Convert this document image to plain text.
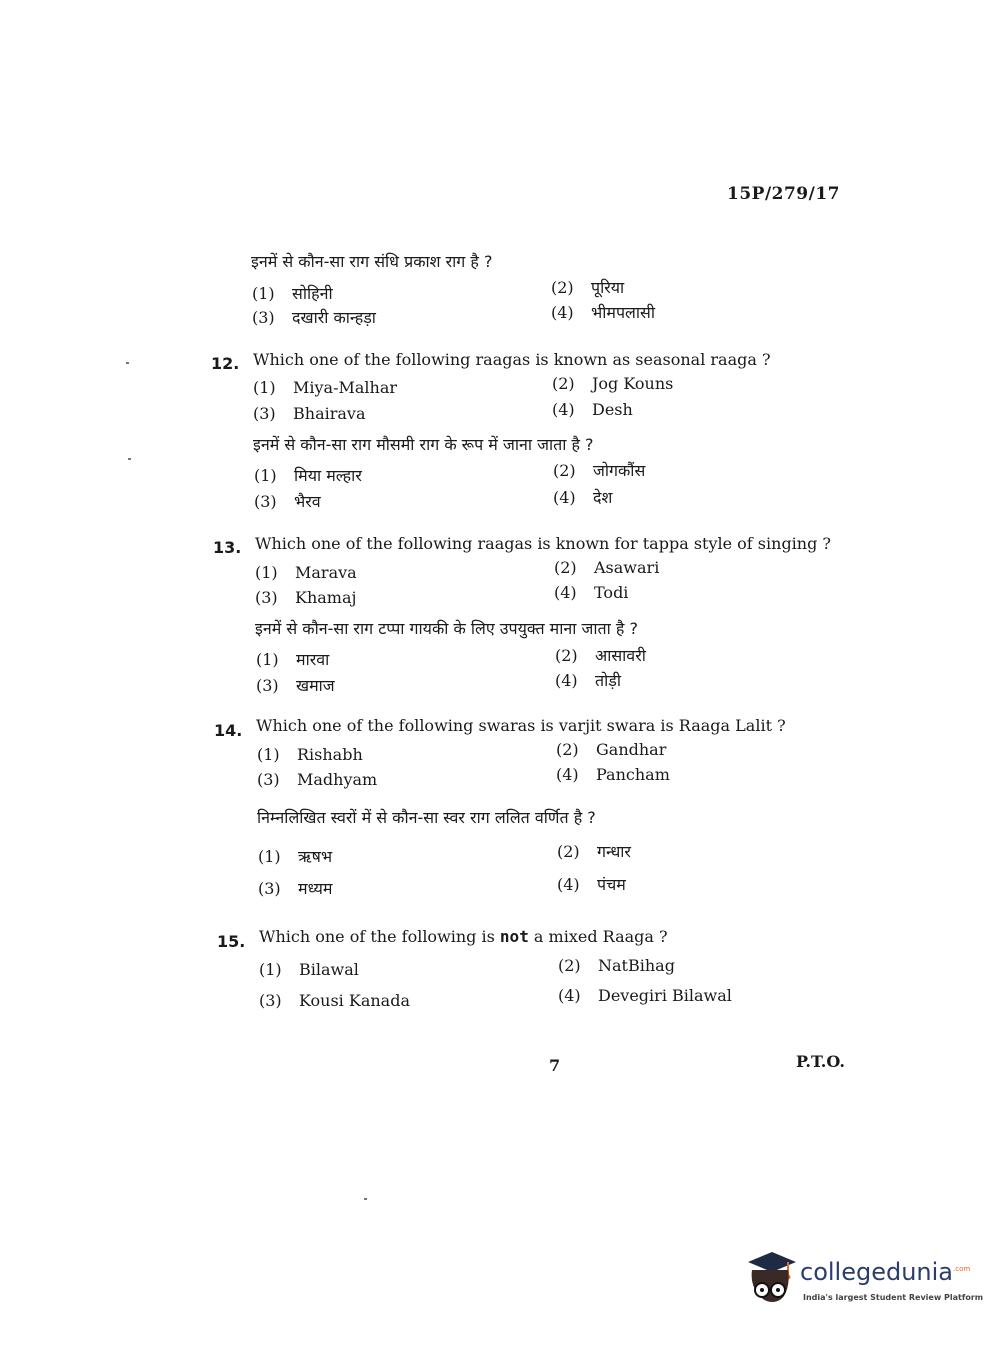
15P/279/17
इनमें से कौन-सा राग संधि प्रकाश राग है ?
(1) सोहिनी	(2) पूरिया
(3) दखारी कान्हड़ा	(4) भीमपलासी
12. Which one of the following raagas is known as seasonal raaga ?
(1) Miya-Malhar	(2) Jog Kouns
(3) Bhairava	(4) Desh
इनमें से कौन-सा राग मौसमी राग के रूप में जाना जाता है ?
(1) मिया मल्हार	(2) जोगकौंस
(3) भैरव	(4) देश
13. Which one of the following raagas is known for tappa style of singing ?
(1) Marava	(2) Asawari
(3) Khamaj	(4) Todi
इनमें से कौन-सा राग टप्पा गायकी के लिए उपयुक्त माना जाता है ?
(1) मारवा	(2) आसावरी
(3) खमाज	(4) तोड़ी
14. Which one of the following swaras is varjit swara is Raaga Lalit ?
(1) Rishabh	(2) Gandhar
(3) Madhyam	(4) Pancham
निम्नलिखित स्वरों में से कौन-सा स्वर राग ललित वर्णित है ?
(1) ऋषभ	(2) गन्धार
(3) मध्यम	(4) पंचम
15. Which one of the following is not a mixed Raaga ?
(1) Bilawal	(2) NatBihag
(3) Kousi Kanada	(4) Devegiri Bilawal
7	P.T.O.
collegedunia$^{.com}$
India's largest Student Review Platform
